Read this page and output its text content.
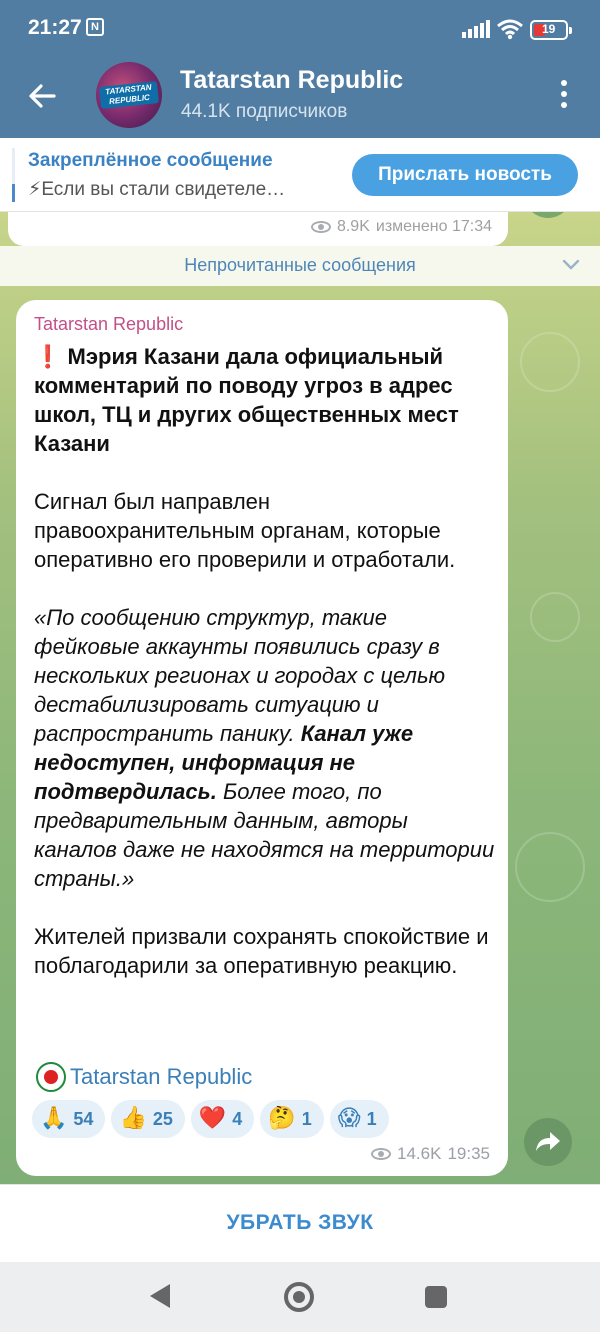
21:27 N	19
TATARSTAN
REPUBLIC
Tatarstan Republic
44.1K подписчиков
Закреплённое сообщение
⚡Если вы стали свидетеле…
Прислать новость
8.9K изменено 17:34
Непрочитанные сообщения
Tatarstan Republic

❗ Мэрия Казани дала официальный комментарий по поводу угроз в адрес школ, ТЦ и других общественных мест Казани

Сигнал был направлен правоохранительным органам, которые оперативно его проверили и отработали.

«По сообщению структур, такие фейковые аккаунты появились сразу в нескольких регионах и городах с целью дестабилизировать ситуацию и распространить панику. Канал уже недоступен, информация не подтвердилась. Более того, по предварительным данным, авторы каналов даже не находятся на территории страны.»

Жителей призвали сохранять спокойствие и поблагодарили за оперативную реакцию.

Tatarstan Republic
🙏 54 👍 25 ❤️ 4 🤔 1 😱 1
14.6K 19:35
УБРАТЬ ЗВУК
